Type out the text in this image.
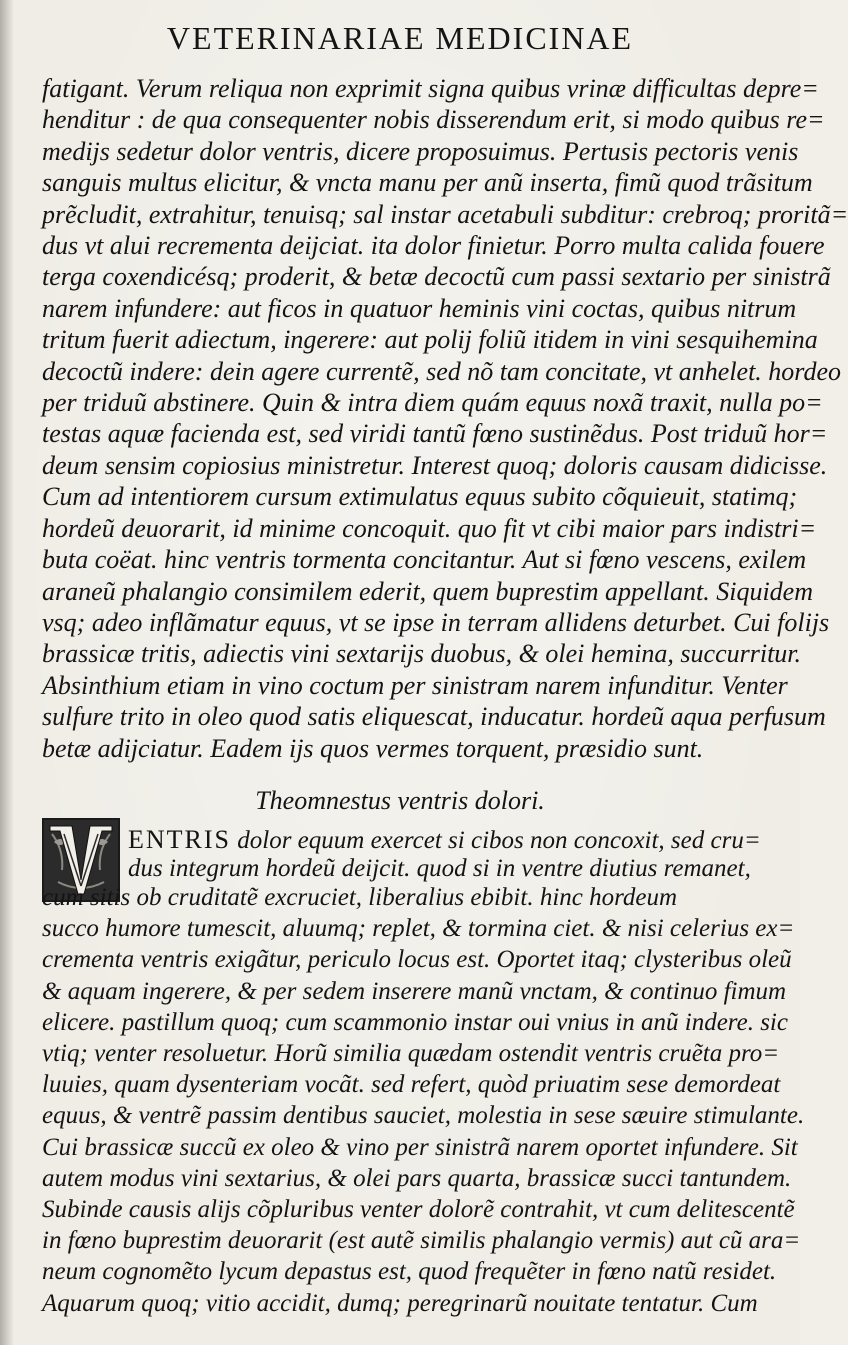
VETERINARIAE MEDICINAE
fatigant. Verum reliqua non exprimit signa quibus vrinæ difficultas depre=
henditur : de qua consequenter nobis disserendum erit, si modo quibus re=
medijs sedetur dolor ventris, dicere proposuimus. Pertusis pectoris venis
sanguis multus elicitur, & vncta manu per anũ inserta, fimũ quod trãsitum
prẽcludit, extrahitur, tenuisq; sal instar acetabuli subditur: crebroq; proritã=
dus vt alui recrementa deijciat. ita dolor finietur. Porro multa calida fouere
terga coxendicésq; proderit, & betæ decoctũ cum passi sextario per sinistrã
narem infundere: aut ficos in quatuor heminis vini coctas, quibus nitrum
tritum fuerit adiectum, ingerere: aut polij foliũ itidem in vini sesquihemina
decoctũ indere: dein agere currentẽ, sed nõ tam concitate, vt anhelet. hordeo
per triduũ abstinere. Quin & intra diem quám equus noxã traxit, nulla po=
testas aquæ facienda est, sed viridi tantũ fœno sustinẽdus. Post triduũ hor=
deum sensim copiosius ministretur. Interest quoq; doloris causam didicisse.
Cum ad intentiorem cursum extimulatus equus subito cõquieuit, statimq;
hordeũ deuorarit, id minime concoquit. quo fit vt cibi maior pars indistri=
buta coëat. hinc ventris tormenta concitantur. Aut si fœno vescens, exilem
araneũ phalangio consimilem ederit, quem buprestim appellant. Siquidem
vsq; adeo inflãmatur equus, vt se ipse in terram allidens deturbet. Cui folijs
brassicæ tritis, adiectis vini sextarijs duobus, & olei hemina, succurritur.
Absinthium etiam in vino coctum per sinistram narem infunditur. Venter
sulfure trito in oleo quod satis eliquescat, inducatur. hordeũ aqua perfusum
betæ adijciatur. Eadem ijs quos vermes torquent, præsidio sunt.
Theomnestus ventris dolori.
ENTRIS dolor equum exercet si cibos non concoxit, sed cru=
dus integrum hordeũ deijcit. quod si in ventre diutius remanet,
cum sitis ob cruditatẽ excruciet, liberalius ebibit. hinc hordeum
succo humore tumescit, aluumq; replet, & tormina ciet. & nisi celerius ex=
crementa ventris exigãtur, periculo locus est. Oportet itaq; clysteribus oleũ
& aquam ingerere, & per sedem inserere manũ vnctam, & continuo fimum
elicere. pastillum quoq; cum scammonio instar oui vnius in anũ indere. sic
vtiq; venter resoluetur. Horũ similia quædam ostendit ventris cruẽta pro=
luuies, quam dysenteriam vocãt. sed refert, quòd priuatim sese demordeat
equus, & ventrẽ passim dentibus sauciet, molestia in sese sæuire stimulante.
Cui brassicæ succũ ex oleo & vino per sinistrã narem oportet infundere. Sit
autem modus vini sextarius, & olei pars quarta, brassicæ succi tantundem.
Subinde causis alijs cõpluribus venter dolorẽ contrahit, vt cum delitescentẽ
in fœno buprestim deuorarit (est autẽ similis phalangio vermis) aut cũ ara=
neum cognomẽto lycum depastus est, quod frequẽter in fœno natũ residet.
Aquarum quoq; vitio accidit, dumq; peregrinarũ nouitate tentatur. Cum
